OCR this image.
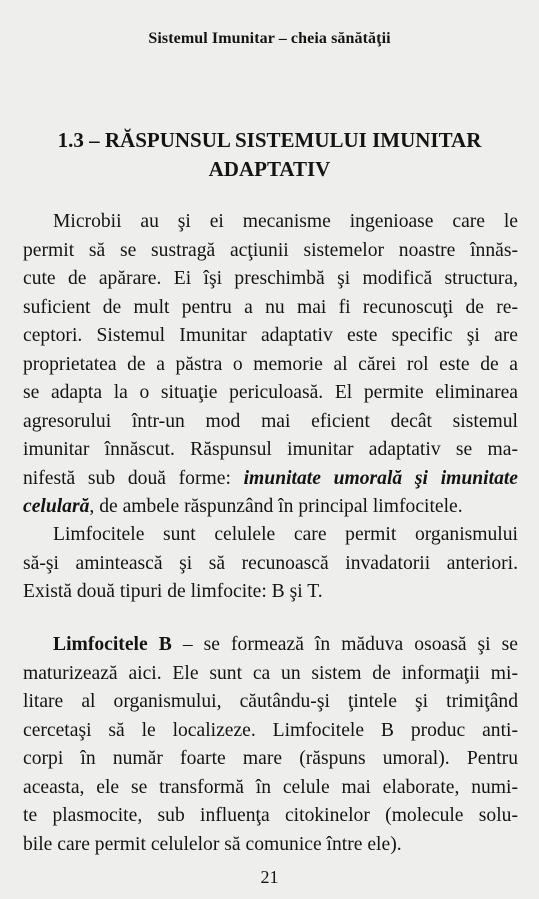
Sistemul Imunitar – cheia sănătăţii
1.3 – RĂSPUNSUL SISTEMULUI IMUNITAR
ADAPTATIV
Microbii au şi ei mecanisme ingenioase care le
permit să se sustragă acţiunii sistemelor noastre înnăs-
cute de apărare. Ei îşi preschimbă şi modifică structura,
suficient de mult pentru a nu mai fi recunoscuţi de re-
ceptori. Sistemul Imunitar adaptativ este specific şi are
proprietatea de a păstra o memorie al cărei rol este de a
se adapta la o situaţie periculoasă. El permite eliminarea
agresorului într-un mod mai eficient decât sistemul
imunitar înnăscut. Răspunsul imunitar adaptativ se ma-
nifestă sub două forme: imunitate umorală şi imunitate
celulară, de ambele răspunzând în principal limfocitele.
Limfocitele sunt celulele care permit organismului
să-şi amintească şi să recunoască invadatorii anteriori.
Există două tipuri de limfocite: B şi T.
Limfocitele B – se formează în măduva osoasă şi se
maturizează aici. Ele sunt ca un sistem de informaţii mi-
litare al organismului, căutându-şi ţintele şi trimiţând
cercetaşi să le localizeze. Limfocitele B produc anti-
corpi în număr foarte mare (răspuns umoral). Pentru
aceasta, ele se transformă în celule mai elaborate, numi-
te plasmocite, sub influenţa citokinelor (molecule solu-
bile care permit celulelor să comunice între ele).
21
